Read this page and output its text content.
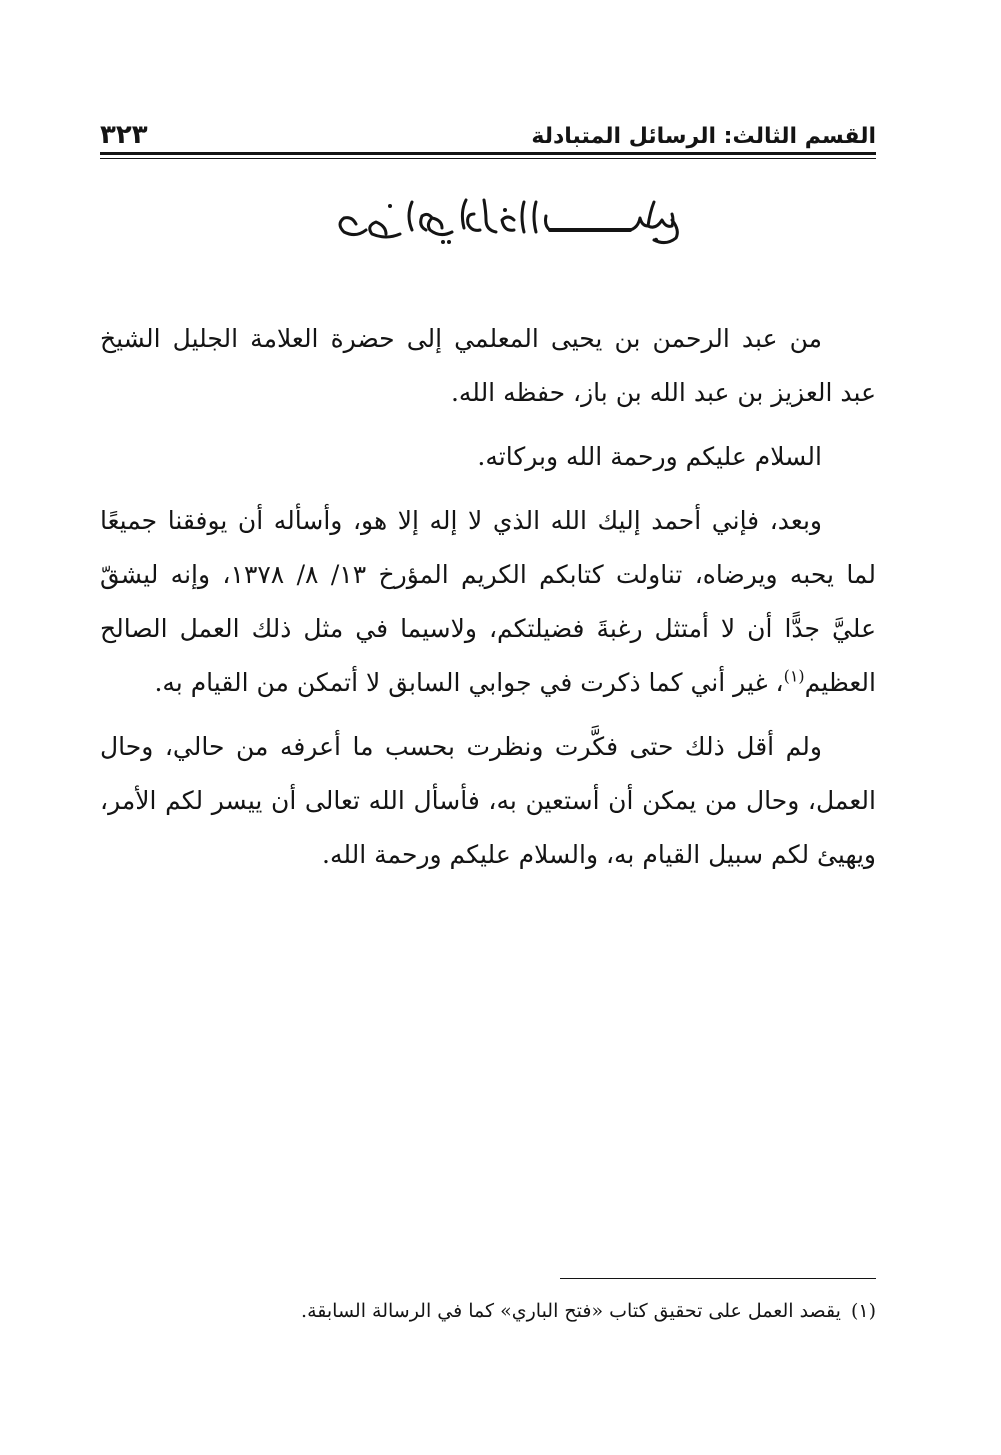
القسم الثالث: الرسائل المتبادلة
٣٢٣

من عبد الرحمن بن يحيى المعلمي إلى حضرة العلامة الجليل الشيخ عبد العزيز بن عبد الله بن باز، حفظه الله.

السلام عليكم ورحمة الله وبركاته.

وبعد، فإني أحمد إليك الله الذي لا إله إلا هو، وأسأله أن يوفقنا جميعًا لما يحبه ويرضاه، تناولت كتابكم الكريم المؤرخ ١٣/ ٨/ ١٣٧٨، وإنه ليشقّ عليَّ جدًّا أن لا أمتثل رغبةَ فضيلتكم، ولاسيما في مثل ذلك العمل الصالح العظيم$^{(١)}$، غير أني كما ذكرت في جوابي السابق لا أتمكن من القيام به.

ولم أقل ذلك حتى فكَّرت ونظرت بحسب ما أعرفه من حالي، وحال العمل، وحال من يمكن أن أستعين به، فأسأل الله تعالى أن ييسر لكم الأمر، ويهيئ لكم سبيل القيام به، والسلام عليكم ورحمة الله.

(١)يقصد العمل على تحقيق كتاب «فتح الباري» كما في الرسالة السابقة.
